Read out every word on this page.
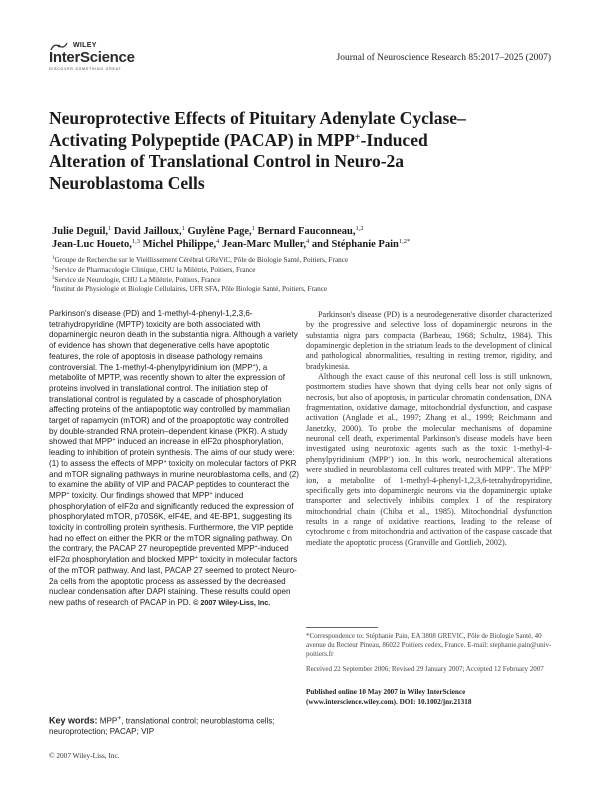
WILEY
InterScience
DISCOVER SOMETHING GREAT
Journal of Neuroscience Research 85:2017–2025 (2007)
Neuroprotective Effects of Pituitary Adenylate Cyclase–Activating Polypeptide (PACAP) in MPP+-Induced Alteration of Translational Control in Neuro-2a Neuroblastoma Cells
Julie Deguil,$^1$ David Jailloux,$^1$ Guylène Page,$^1$ Bernard Fauconneau,$^{1,2}$
Jean-Luc Houeto,$^{1,3}$ Michel Philippe,$^4$ Jean-Marc Muller,$^4$ and Stéphanie Pain$^{1,2*}$
$^1$Groupe de Recherche sur le Vieillissement Cérébral GReViC, Pôle de Biologie Santé, Poitiers, France
$^2$Service de Pharmacologie Clinique, CHU la Milétrie, Poitiers, France
$^3$Service de Neurologie, CHU La Milétrie, Poitiers, France
$^4$Institut de Physiologie et Biologie Cellulaires, UFR SFA, Pôle Biologie Santé, Poitiers, France
Parkinson's disease (PD) and 1-methyl-4-phenyl-1,2,3,6-tetrahydropyridine (MPTP) toxicity are both associated with dopaminergic neuron death in the substantia nigra. Although a variety of evidence has shown that degenerative cells have apoptotic features, the role of apoptosis in disease pathology remains controversial. The 1-methyl-4-phenylpyridinium ion (MPP+), a metabolite of MPTP, was recently shown to alter the expression of proteins involved in translational control. The initiation step of translational control is regulated by a cascade of phosphorylation affecting proteins of the antiapoptotic way controlled by mammalian target of rapamycin (mTOR) and of the proapoptotic way controlled by double-stranded RNA protein–dependent kinase (PKR). A study showed that MPP+ induced an increase in eIF2α phosphorylation, leading to inhibition of protein synthesis. The aims of our study were: (1) to assess the effects of MPP+ toxicity on molecular factors of PKR and mTOR signaling pathways in murine neuroblastoma cells, and (2) to examine the ability of VIP and PACAP peptides to counteract the MPP+ toxicity. Our findings showed that MPP+ induced phosphorylation of eIF2α and significantly reduced the expression of phosphorylated mTOR, p70S6K, eIF4E, and 4E-BP1, suggesting its toxicity in controlling protein synthesis. Furthermore, the VIP peptide had no effect on either the PKR or the mTOR signaling pathway. On the contrary, the PACAP 27 neuropeptide prevented MPP+-induced eIF2α phosphorylation and blocked MPP+ toxicity in molecular factors of the mTOR pathway. And last, PACAP 27 seemed to protect Neuro-2a cells from the apoptotic process as assessed by the decreased nuclear condensation after DAPI staining. These results could open new paths of research of PACAP in PD. © 2007 Wiley-Liss, Inc.
Key words: MPP+, translational control; neuroblastoma cells; neuroprotection; PACAP; VIP
© 2007 Wiley-Liss, Inc.

Parkinson's disease (PD) is a neurodegenerative disorder characterized by the progressive and selective loss of dopaminergic neurons in the substantia nigra pars compacta (Barbeau, 1968; Schultz, 1984). This dopaminergic depletion in the striatum leads to the development of clinical and pathological abnormalities, resulting in resting tremor, rigidity, and bradykinesia.

Although the exact cause of this neuronal cell loss is still unknown, postmortem studies have shown that dying cells bear not only signs of necrosis, but also of apoptosis, in particular chromatin condensation, DNA fragmentation, oxidative damage, mitochondrial dysfunction, and caspase activation (Anglade et al., 1997; Zhang et al., 1999; Reichmann and Janetzky, 2000). To probe the molecular mechanisms of dopamine neuronal cell death, experimental Parkinson's disease models have been investigated using neurotoxic agents such as the toxic 1-methyl-4-phenylpyridinium (MPP+) ion. In this work, neurochemical alterations were studied in neuroblastoma cell cultures treated with MPP+. The MPP+ ion, a metabolite of 1-methyl-4-phenyl-1,2,3,6-tetrahydropyridine, specifically gets into dopaminergic neurons via the dopaminergic uptake transporter and selectively inhibits complex I of the respiratory mitochondrial chain (Chiba et al., 1985). Mitochondrial dysfunction results in a range of oxidative reactions, leading to the release of cytochrome c from mitochondria and activation of the caspase cascade that mediate the apoptotic process (Granville and Gottlieb, 2002).

*Correspondence to: Stéphanie Pain, EA 3808 GREVIC, Pôle de Biologie Santé, 40 avenue du Recteur Pineau, 86022 Poitiers cedex, France. E-mail: stephanie.pain@univ-poitiers.fr
Received 22 September 2006; Revised 29 January 2007; Accepted 12 February 2007
Published online 10 May 2007 in Wiley InterScience (www.interscience.wiley.com). DOI: 10.1002/jnr.21318
